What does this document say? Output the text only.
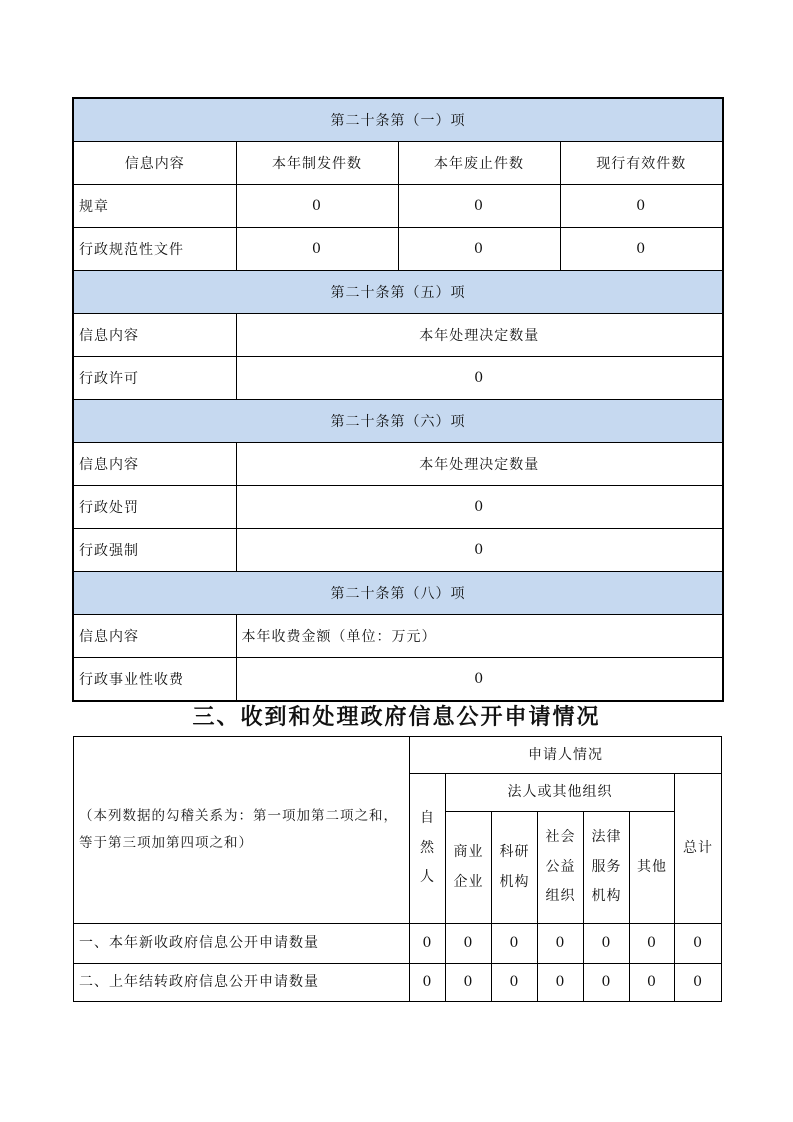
第二十条第（一）项			
信息内容	本年制发件数	本年废止件数	现行有效件数
规章	0	0	0
行政规范性文件	0	0	0
第二十条第（五）项			
信息内容	本年处理决定数量		
行政许可	0		
第二十条第（六）项			
信息内容	本年处理决定数量		
行政处罚	0		
行政强制	0		
第二十条第（八）项			
信息内容	本年收费金额（单位：万元）		
行政事业性收费	0		
三、收到和处理政府信息公开申请情况
（本列数据的勾稽关系为：第一项加第二项之和，等于第三项加第四项之和）	申请人情况						
	自然人	法人或其他组织					总计
		商业企业	科研机构	社会公益组织	法律服务机构	其他	
一、本年新收政府信息公开申请数量	0	0	0	0	0	0	0
二、上年结转政府信息公开申请数量	0	0	0	0	0	0	0
